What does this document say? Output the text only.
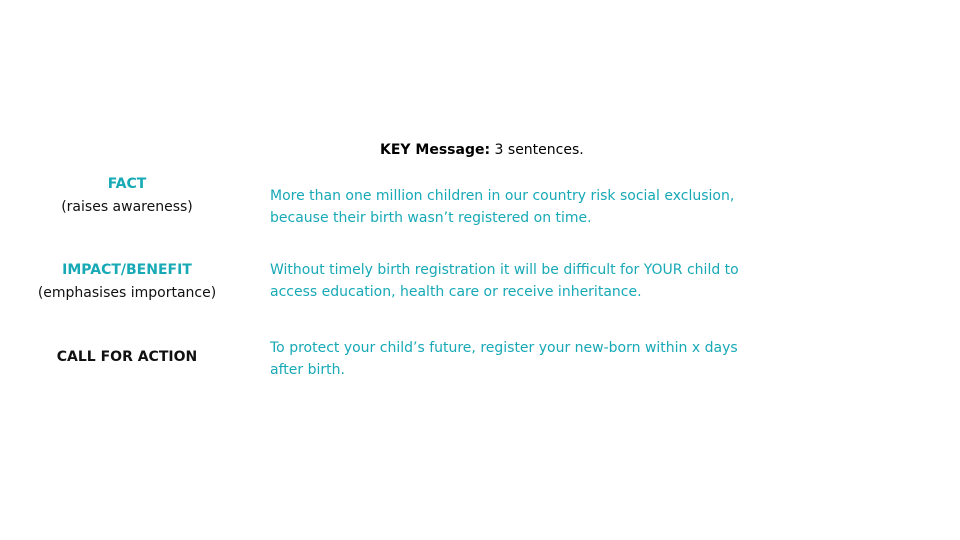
KEY Message: 3 sentences.
FACT
(raises awareness)
More than one million children in our country risk social exclusion, because their birth wasn’t registered on time.
IMPACT/BENEFIT
(emphasises importance)
Without timely birth registration it will be difficult for YOUR child to access education, health care or receive inheritance.
CALL FOR ACTION
To protect your child’s future, register your new-born within x days after birth.
